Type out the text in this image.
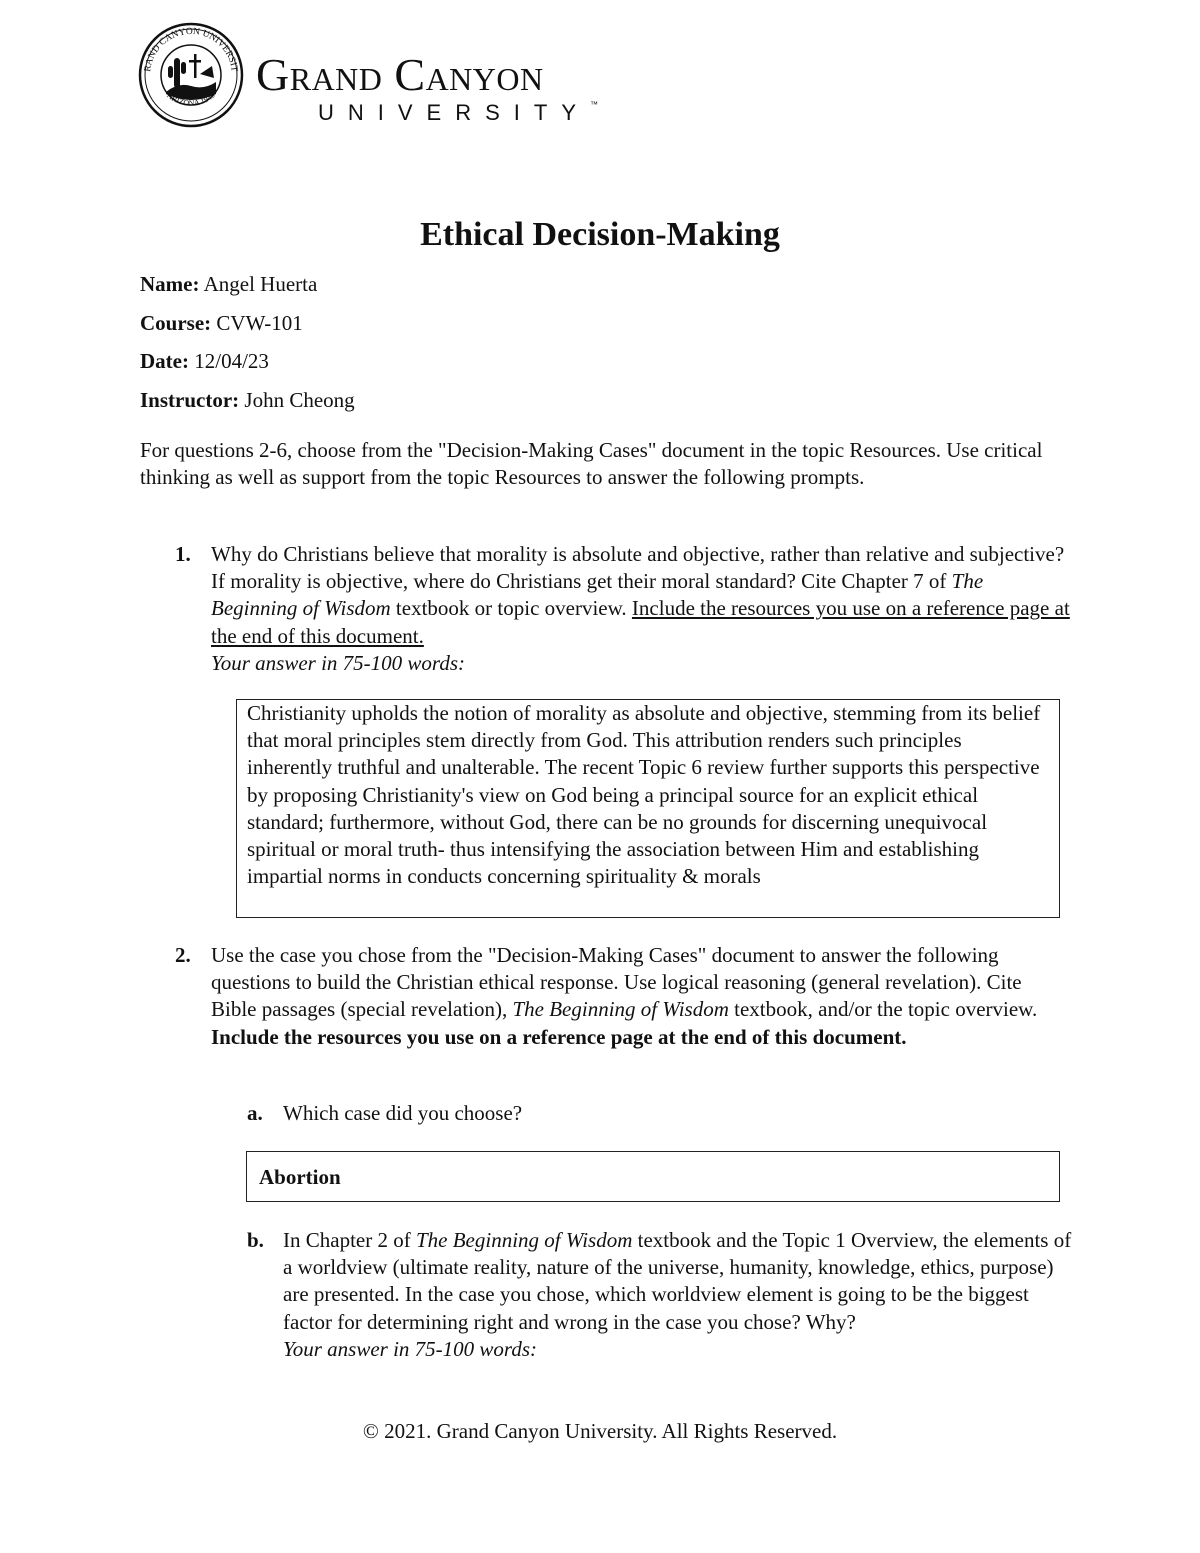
RAND CANYON UNIVERSIT
ARIZONA 1949 Grand Canyon
UNIVERSITY™
Ethical Decision-Making
Name: Angel Huerta
Course: CVW-101
Date: 12/04/23
Instructor: John Cheong

For questions 2-6, choose from the "Decision-Making Cases" document in the topic Resources. Use critical thinking as well as support from the topic Resources to answer the following prompts.

1. Why do Christians believe that morality is absolute and objective, rather than relative and subjective? If morality is objective, where do Christians get their moral standard? Cite Chapter 7 of The Beginning of Wisdom textbook or topic overview. Include the resources you use on a reference page at the end of this document.
Your answer in 75-100 words:

Christianity upholds the notion of morality as absolute and objective, stemming from its belief that moral principles stem directly from God. This attribution renders such principles inherently truthful and unalterable. The recent Topic 6 review further supports this perspective by proposing Christianity's view on God being a principal source for an explicit ethical standard; furthermore, without God, there can be no grounds for discerning unequivocal spiritual or moral truth- thus intensifying the association between Him and establishing impartial norms in conducts concerning spirituality & morals

2. Use the case you chose from the "Decision-Making Cases" document to answer the following questions to build the Christian ethical response. Use logical reasoning (general revelation). Cite Bible passages (special revelation), The Beginning of Wisdom textbook, and/or the topic overview. Include the resources you use on a reference page at the end of this document.
a. Which case did you choose?
Abortion
b. In Chapter 2 of The Beginning of Wisdom textbook and the Topic 1 Overview, the elements of a worldview (ultimate reality, nature of the universe, humanity, knowledge, ethics, purpose) are presented. In the case you chose, which worldview element is going to be the biggest factor for determining right and wrong in the case you chose? Why?
Your answer in 75-100 words:
© 2021. Grand Canyon University. All Rights Reserved.
